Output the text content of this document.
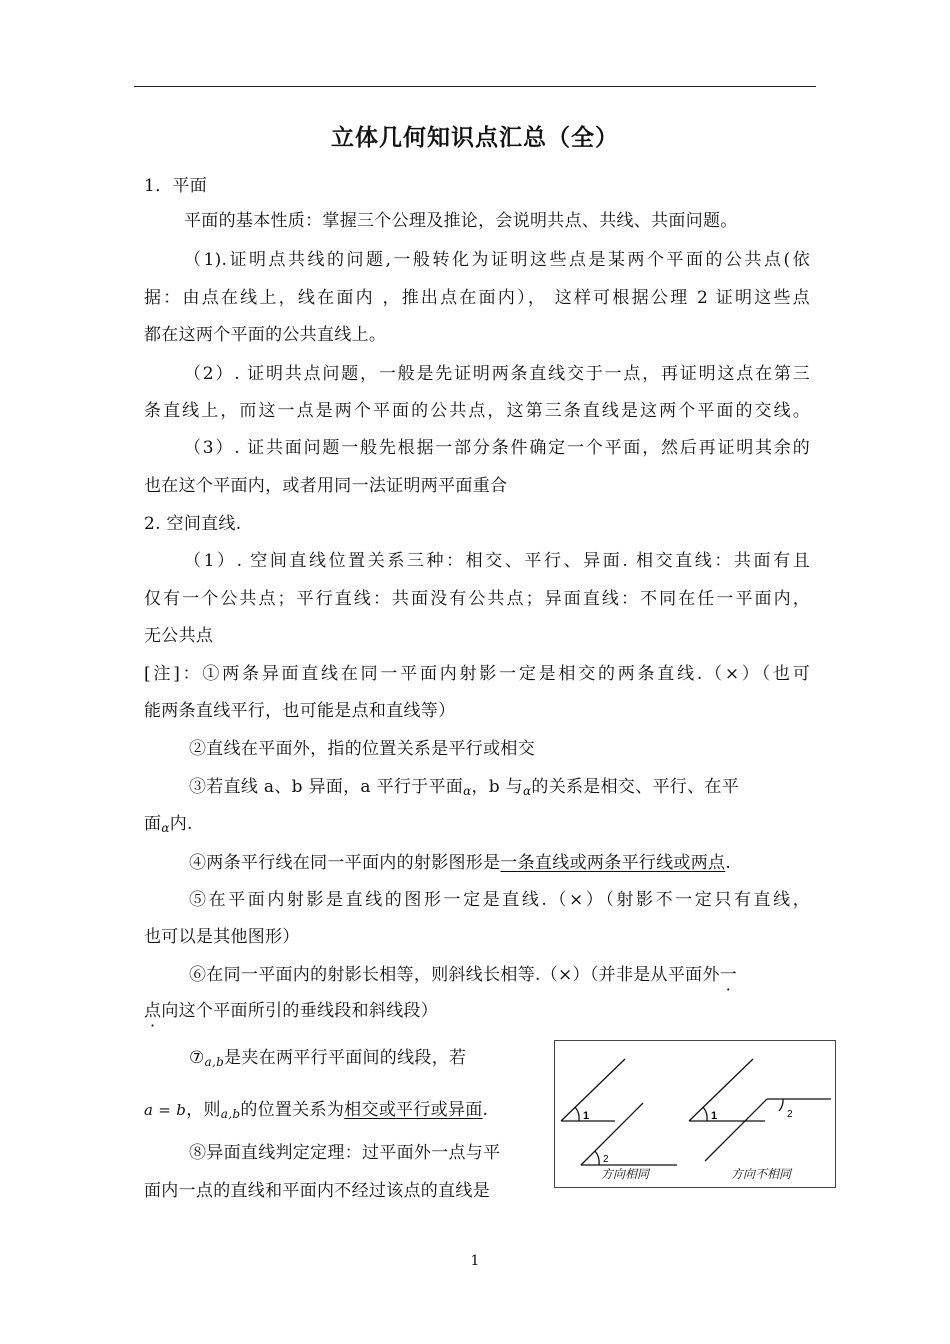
立体几何知识点汇总（全）
1．平面
平面的基本性质：掌握三个公理及推论，会说明共点、共线、共面问题。
（1).证明点共线的问题,一般转化为证明这些点是某两个平面的公共点(依
据：由点在线上，线在面内 ，推出点在面内）， 这样可根据公理 2 证明这些点
都在这两个平面的公共直线上。
（2）. 证明共点问题，一般是先证明两条直线交于一点，再证明这点在第三
条直线上，而这一点是两个平面的公共点，这第三条直线是这两个平面的交线。
（3）. 证共面问题一般先根据一部分条件确定一个平面，然后再证明其余的
也在这个平面内，或者用同一法证明两平面重合
2. 空间直线.
（1）. 空间直线位置关系三种：相交、平行、异面. 相交直线：共面有且
仅有一个公共点；平行直线：共面没有公共点；异面直线：不同在任一平面内，
无公共点
[注]：①两条异面直线在同一平面内射影一定是相交的两条直线.（×）（也可
能两条直线平行，也可能是点和直线等）
②直线在平面外，指的位置关系是平行或相交
③若直线 a、b 异面，a 平行于平面$_\alpha$，b 与$_\alpha$的关系是相交、平行、在平
面$_\alpha$内.
④两条平行线在同一平面内的射影图形是一条直线或两条平行线或两点.
⑤在平面内射影是直线的图形一定是直线.（×）（射影不一定只有直线，
也可以是其他图形）
⑥在同一平面内的射影长相等，则斜线长相等.（×）（并非是从平面外一
点向这个平面所引的垂线段和斜线段）
$⑦_{a,b}$是夹在两平行平面间的线段，若
a = b，则$_{a,b}$的位置关系为相交或平行或异面.
⑧异面直线判定定理：过平面外一点与平
面内一点的直线和平面内不经过该点的直线是
1
2
1	2
方向相同	方向不相同
1
